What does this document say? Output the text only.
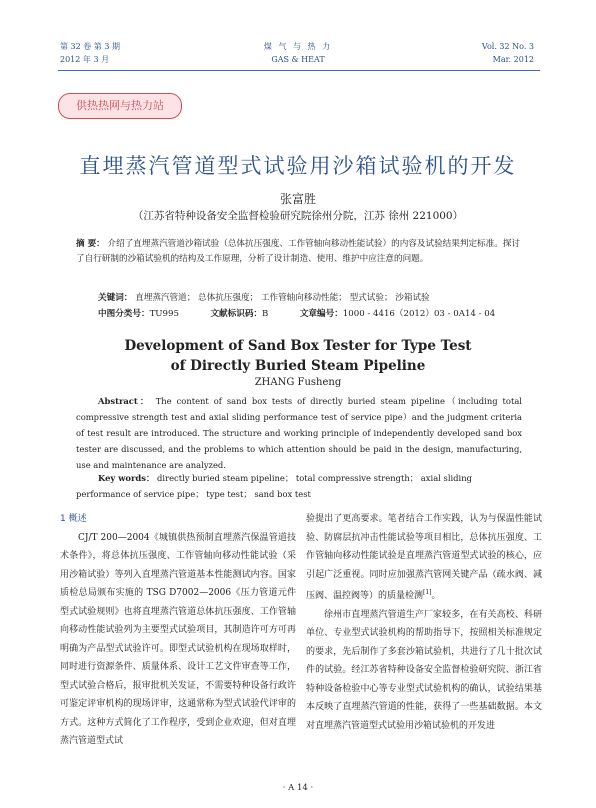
第 32 卷 第 3 期
2012 年 3 月
煤 气 与 热 力
GAS & HEAT
Vol. 32 No. 3
Mar. 2012
供热热网与热力站
直埋蒸汽管道型式试验用沙箱试验机的开发
张富胜
（江苏省特种设备安全监督检验研究院徐州分院，江苏 徐州 221000）
摘 要： 介绍了直埋蒸汽管道沙箱试验（总体抗压强度、工作管轴向移动性能试验）的内容及试验结果判定标准。探讨了自行研制的沙箱试验机的结构及工作原理，分析了设计制造、使用、维护中应注意的问题。
关键词： 直埋蒸汽管道； 总体抗压强度； 工作管轴向移动性能； 型式试验； 沙箱试验
中图分类号：TU995	文献标识码：B	文章编号：1000 - 4416（2012）03 - 0A14 - 04
Development of Sand Box Tester for Type Test
of Directly Buried Steam Pipeline
ZHANG Fusheng
Abstract： The content of sand box tests of directly buried steam pipeline（including total compressive strength test and axial sliding performance test of service pipe）and the judgment criteria of test result are introduced. The structure and working principle of independently developed sand box tester are discussed, and the problems to which attention should be paid in the design, manufacturing, use and maintenance are analyzed.
Key words： directly buried steam pipeline； total compressive strength； axial sliding performance of service pipe； type test； sand box test
1 概述

CJ/T 200—2004《城镇供热预制直埋蒸汽保温管道技术条件》，将总体抗压强度、工作管轴向移动性能试验（采用沙箱试验）等列入直埋蒸汽管道基本性能测试内容。国家质检总局颁布实施的 TSG D7002—2006《压力管道元件型式试验规则》也将直埋蒸汽管道总体抗压强度、工作管轴向移动性能试验列为主要型式试验项目，其制造许可方可再明确为产品型式试验许可。即型式试验机构在现场取样时，同时进行资源条件、质量体系、设计工艺文件审查等工作，型式试验合格后，报审批机关发证，不需要特种设备行政许可鉴定评审机构的现场评审，这通常称为型式试验代评审的方式。这种方式简化了工作程序，受到企业欢迎，但对直埋蒸汽管道型式试

验提出了更高要求。笔者结合工作实践，认为与保温性能试验、防腐层抗冲击性能试验等项目相比，总体抗压强度、工作管轴向移动性能试验是直埋蒸汽管道型式试验的核心，应引起广泛重视。同时应加强蒸汽管网关键产品（疏水阀、减压阀、温控阀等）的质量检测[1]。

徐州市直埋蒸汽管道生产厂家较多，在有关高校、科研单位、专业型式试验机构的帮助指导下，按照相关标准规定的要求，先后制作了多套沙箱试验机，共进行了几十批次试件的试验。经江苏省特种设备安全监督检验研究院、浙江省特种设备检验中心等专业型式试验机构的确认，试验结果基本反映了直埋蒸汽管道的性能，获得了一些基础数据。本文对直埋蒸汽管道型式试验用沙箱试验机的开发进

· A 14 ·
